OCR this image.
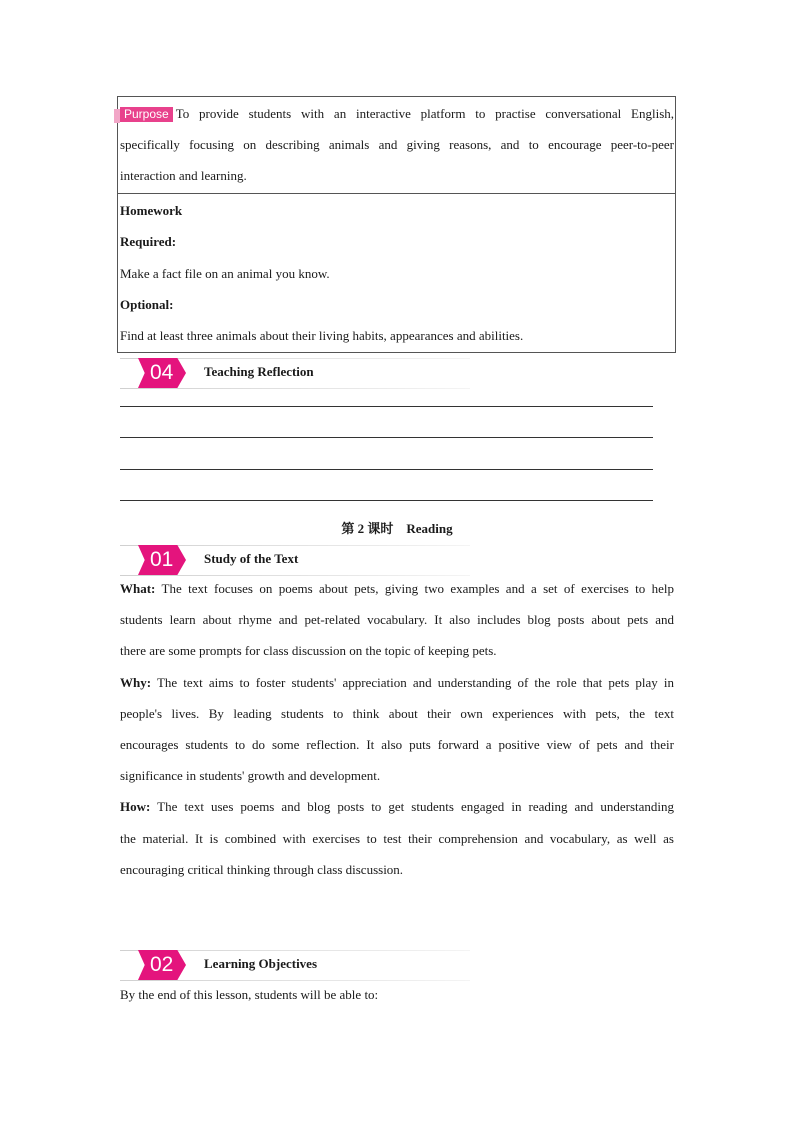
Purpose To provide students with an interactive platform to practise conversational English,
specifically focusing on describing animals and giving reasons, and to encourage peer-to-peer
interaction and learning.
Homework
Required:
Make a fact file on an animal you know.
Optional:
Find at least three animals about their living habits, appearances and abilities.
04 Teaching Reflection
第 2 课时　Reading
01 Study of the Text
What: The text focuses on poems about pets, giving two examples and a set of exercises to help
students learn about rhyme and pet-related vocabulary. It also includes blog posts about pets and
there are some prompts for class discussion on the topic of keeping pets.
Why: The text aims to foster students' appreciation and understanding of the role that pets play in
people's lives. By leading students to think about their own experiences with pets, the text
encourages students to do some reflection. It also puts forward a positive view of pets and their
significance in students' growth and development.
How: The text uses poems and blog posts to get students engaged in reading and understanding
the material. It is combined with exercises to test their comprehension and vocabulary, as well as
encouraging critical thinking through class discussion.
02 Learning Objectives
By the end of this lesson, students will be able to:
